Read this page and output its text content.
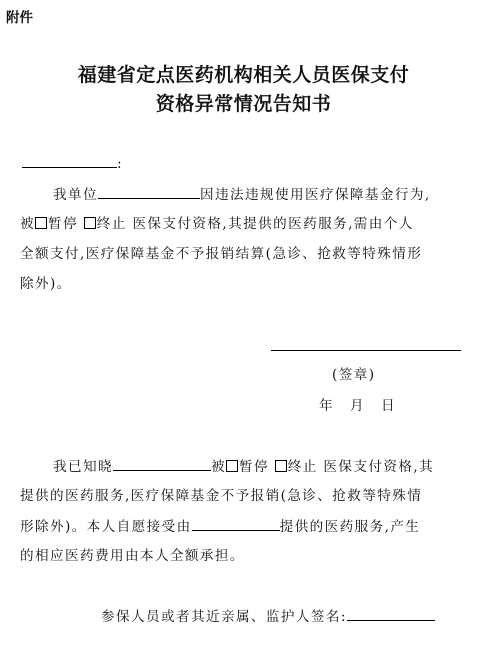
附件
福建省定点医药机构相关人员医保支付
资格异常情况告知书
:
我单位	因违法违规使用医疗保障基金行为,
被 暂停 终止 医保支付资格,其提供的医药服务,需由个人
全额支付,医疗保障基金不予报销结算(急诊、抢救等特殊情形
除外)。
(签章)
年 月 日
我已知晓	被 暂停 终止 医保支付资格,其
提供的医药服务,医疗保障基金不予报销(急诊、抢救等特殊情
形除外)。本人自愿接受由	提供的医药服务,产生
的相应医药费用由本人全额承担。
参保人员或者其近亲属、监护人签名:
